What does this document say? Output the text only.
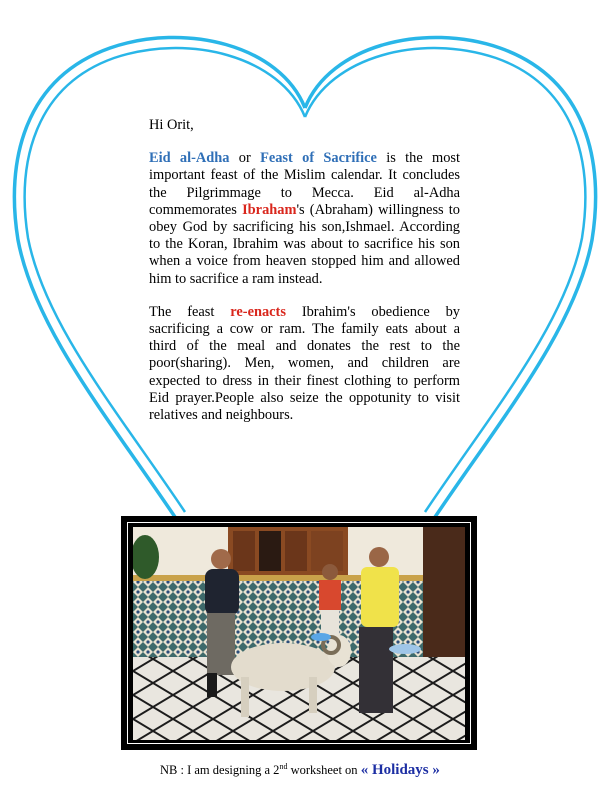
Hi Orit,

Eid al-Adha or Feast of Sacrifice is the most important feast of the Mislim calendar. It concludes the Pilgrimmage to Mecca. Eid al-Adha commemorates Ibraham's (Abraham) willingness to obey God by sacrificing his son,Ishmael. According to the Koran, Ibrahim was about to sacrifice his son when a voice from heaven stopped him and allowed him to sacrifice a ram instead.

The feast re-enacts Ibrahim's obedience by sacrificing a cow or ram. The family eats about a third of the meal and donates the rest to the poor(sharing). Men, women, and children are expected to dress in their finest clothing to perform Eid prayer.People also seize the oppotunity to visit relatives and neighbours.

NB : I am designing a 2nd worksheet on « Holidays »
